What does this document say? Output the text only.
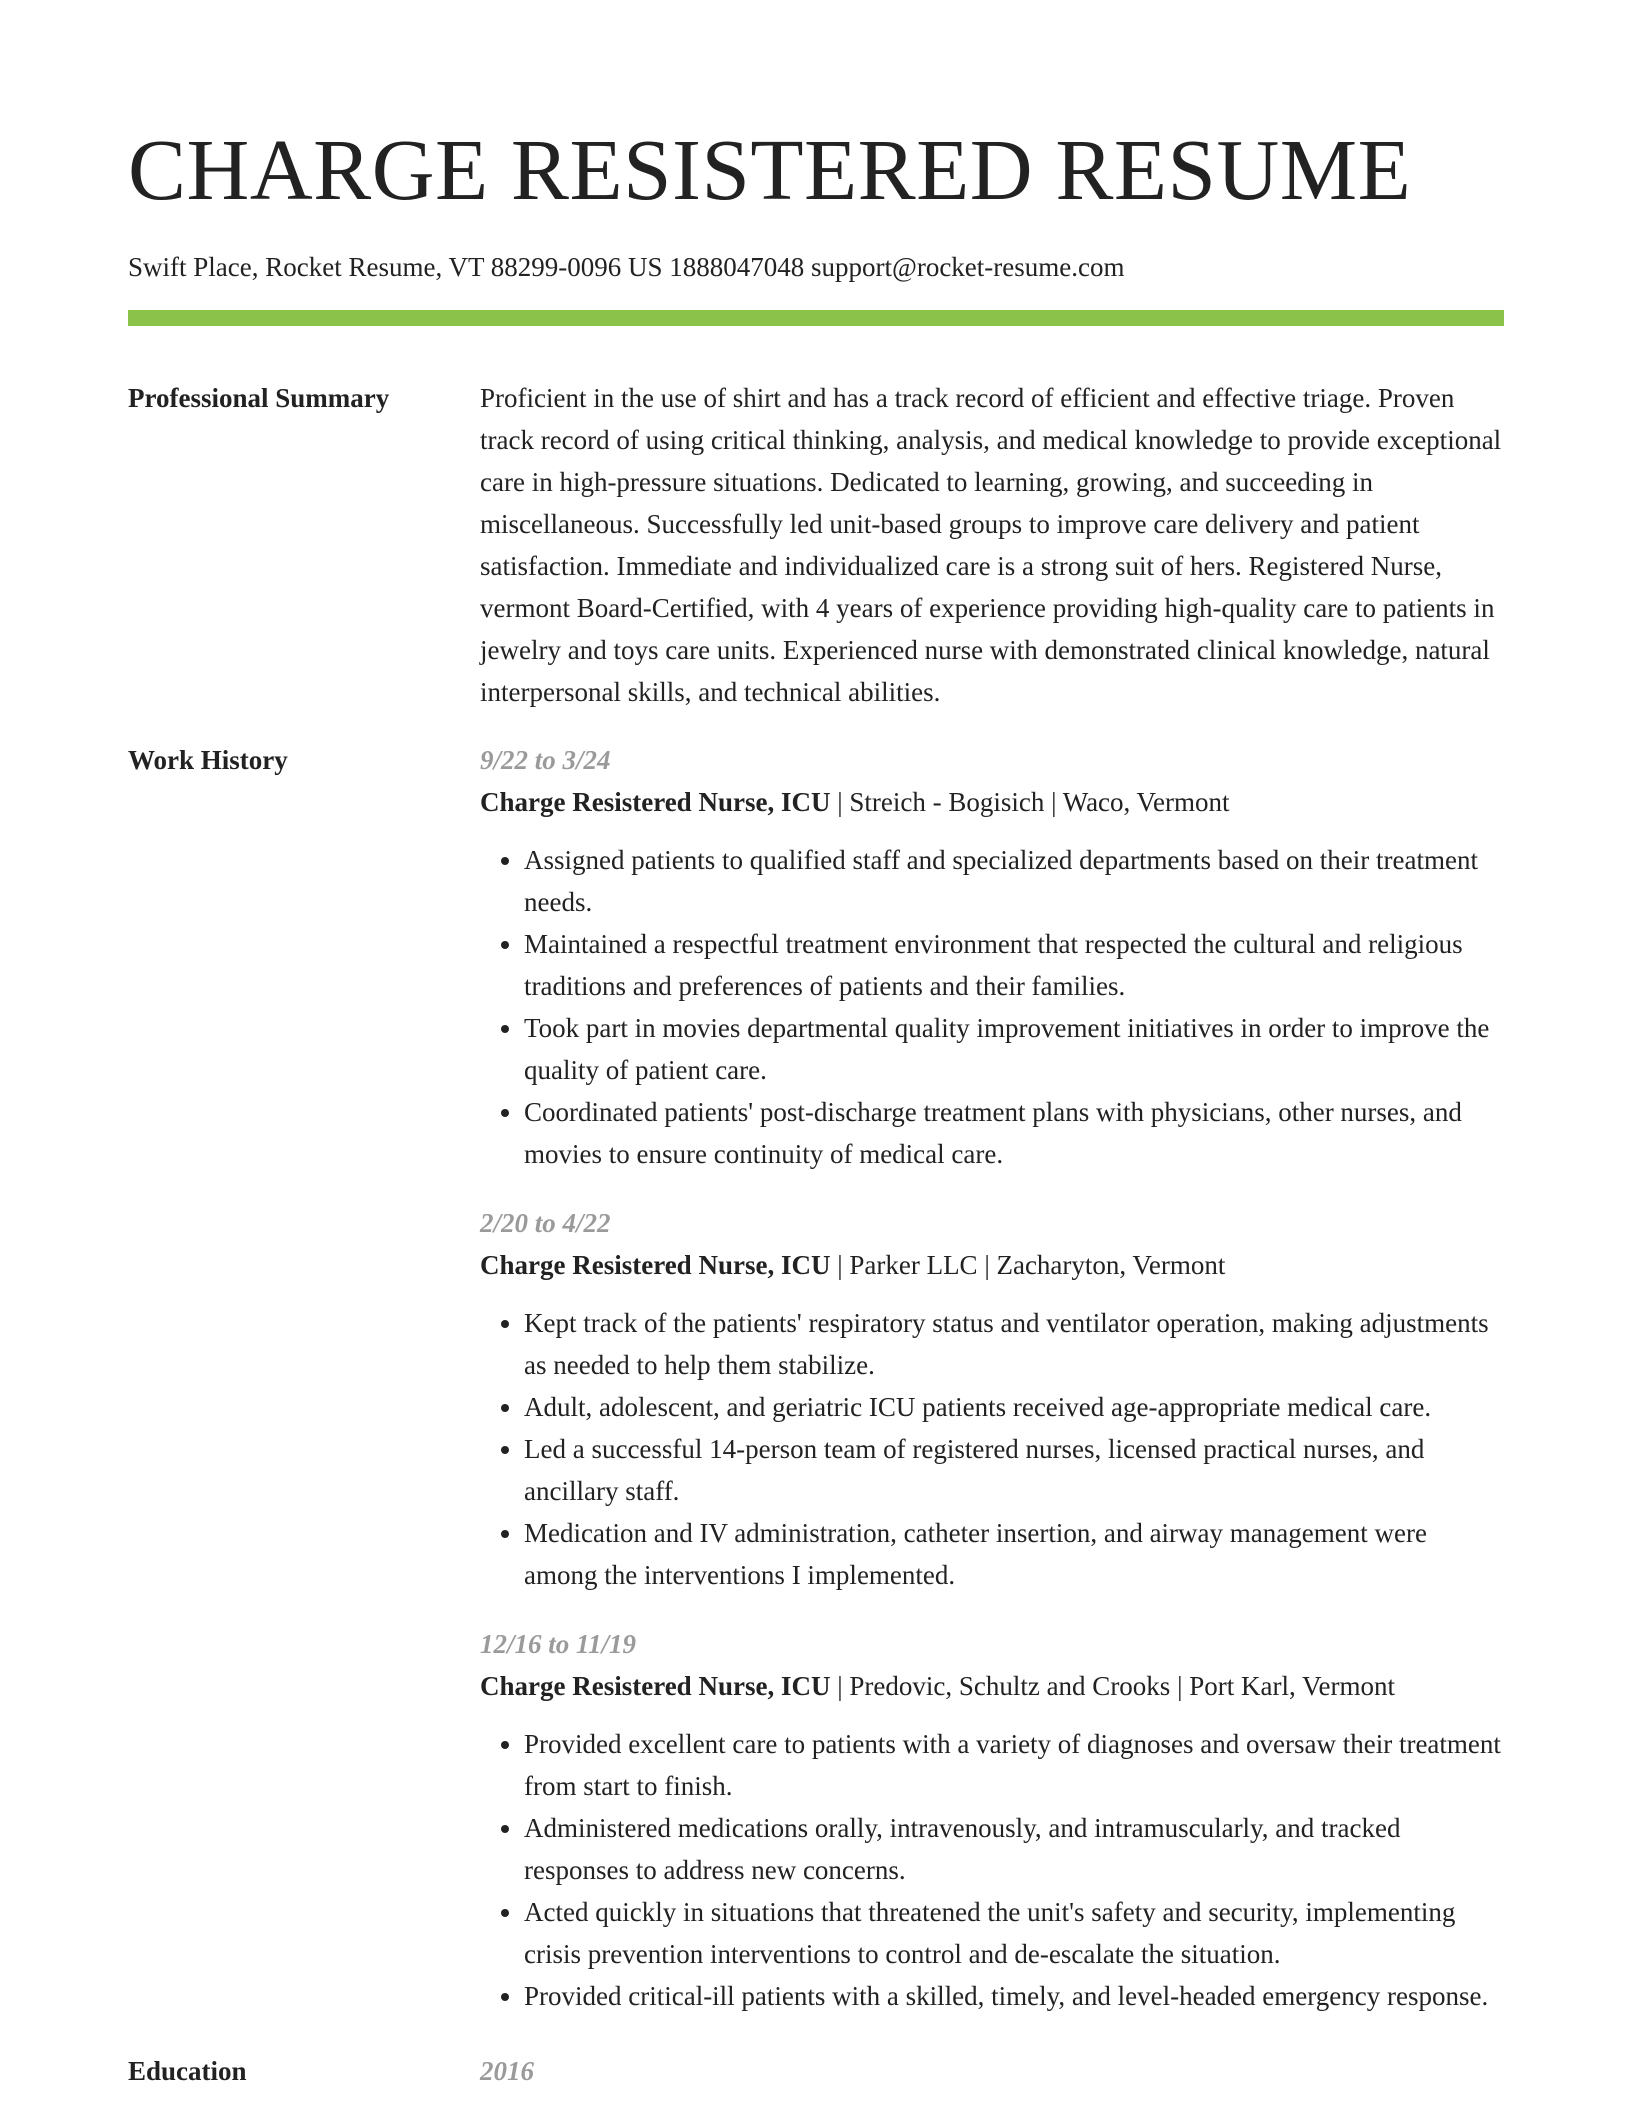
CHARGE RESISTERED RESUME
Swift Place, Rocket Resume, VT 88299-0096 US 1888047048 support@rocket-resume.com
Professional Summary	Proficient in the use of shirt and has a track record of efficient and effective triage. Proven track record of using critical thinking, analysis, and medical knowledge to provide exceptional care in high-pressure situations. Dedicated to learning, growing, and succeeding in miscellaneous. Successfully led unit-based groups to improve care delivery and patient satisfaction. Immediate and individualized care is a strong suit of hers. Registered Nurse, vermont Board-Certified, with 4 years of experience providing high-quality care to patients in jewelry and toys care units. Experienced nurse with demonstrated clinical knowledge, natural interpersonal skills, and technical abilities.

Work History	9/22 to 3/24
Charge Resistered Nurse, ICU | Streich - Bogisich | Waco, Vermont
• Assigned patients to qualified staff and specialized departments based on their treatment needs.
• Maintained a respectful treatment environment that respected the cultural and religious traditions and preferences of patients and their families.
• Took part in movies departmental quality improvement initiatives in order to improve the quality of patient care.
• Coordinated patients' post-discharge treatment plans with physicians, other nurses, and movies to ensure continuity of medical care.
2/20 to 4/22
Charge Resistered Nurse, ICU | Parker LLC | Zacharyton, Vermont
• Kept track of the patients' respiratory status and ventilator operation, making adjustments as needed to help them stabilize.
• Adult, adolescent, and geriatric ICU patients received age-appropriate medical care.
• Led a successful 14-person team of registered nurses, licensed practical nurses, and ancillary staff.
• Medication and IV administration, catheter insertion, and airway management were among the interventions I implemented.
12/16 to 11/19
Charge Resistered Nurse, ICU | Predovic, Schultz and Crooks | Port Karl, Vermont
• Provided excellent care to patients with a variety of diagnoses and oversaw their treatment from start to finish.
• Administered medications orally, intravenously, and intramuscularly, and tracked responses to address new concerns.
• Acted quickly in situations that threatened the unit's safety and security, implementing crisis prevention interventions to control and de-escalate the situation.
• Provided critical-ill patients with a skilled, timely, and level-headed emergency response.
Education	2016
